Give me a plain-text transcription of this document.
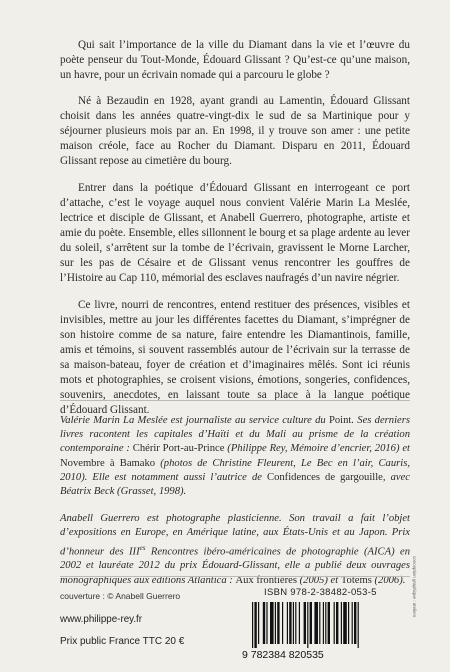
Qui sait l’importance de la ville du Diamant dans la vie et l’œuvre du poète penseur du Tout-Monde, Édouard Glissant ? Qu’est-ce qu’une maison, un havre, pour un écrivain nomade qui a parcouru le globe ?

Né à Bezaudin en 1928, ayant grandi au Lamentin, Édouard Glissant choisit dans les années quatre-vingt-dix le sud de sa Martinique pour y séjourner plusieurs mois par an. En 1998, il y trouve son amer : une petite maison créole, face au Rocher du Diamant. Disparu en 2011, Édouard Glissant repose au cimetière du bourg.

Entrer dans la poétique d’Édouard Glissant en interrogeant ce port d’attache, c’est le voyage auquel nous convient Valérie Marin La Meslée, lectrice et disciple de Glissant, et Anabell Guerrero, photographe, artiste et amie du poète. Ensemble, elles sillonnent le bourg et sa plage ardente au lever du soleil, s’arrêtent sur la tombe de l’écrivain, gravissent le Morne Larcher, sur les pas de Césaire et de Glissant venus rencontrer les gouffres de l’Histoire au Cap 110, mémorial des esclaves naufragés d’un navire négrier.

Ce livre, nourri de rencontres, entend restituer des présences, visibles et invisibles, mettre au jour les différentes facettes du Diamant, s’imprégner de son histoire comme de sa nature, faire entendre les Diamantinois, famille, amis et témoins, si souvent rassemblés autour de l’écrivain sur la terrasse de sa maison-bateau, foyer de création et d’imaginaires mêlés. Sont ici réunis mots et photographies, se croisent visions, émotions, songeries, confidences, souvenirs, anecdotes, en laissant toute sa place à la langue poétique d’Édouard Glissant.

Valérie Marin La Meslée est journaliste au service culture du Point. Ses derniers livres racontent les capitales d’Haïti et du Mali au prisme de la création contemporaine : Chérir Port-au-Prince (Philippe Rey, Mémoire d’encrier, 2016) et Novembre à Bamako (photos de Christine Fleurent, Le Bec en l’air, Cauris, 2010). Elle est notamment aussi l’autrice de Confidences de gargouille, avec Béatrix Beck (Grasset, 1998).

Anabell Guerrero est photographe plasticienne. Son travail a fait l’objet d’expositions en Europe, en Amérique latine, aux États-Unis et au Japon. Prix d’honneur des $III^{es}$ Rencontres ibéro-américaines de photographie (AICA) en 2002 et lauréate 2012 du prix Édouard-Glissant, elle a publié deux ouvrages monographiques aux éditions Atlantica : Aux frontières (2005) et Totems (2006).

couverture : © Anabell Guerrero
www.philippe-rey.fr
Prix public France TTC 20 €
ISBN 978-2-38482-053-5
9 782384 820535
conception graphique : ateliers
